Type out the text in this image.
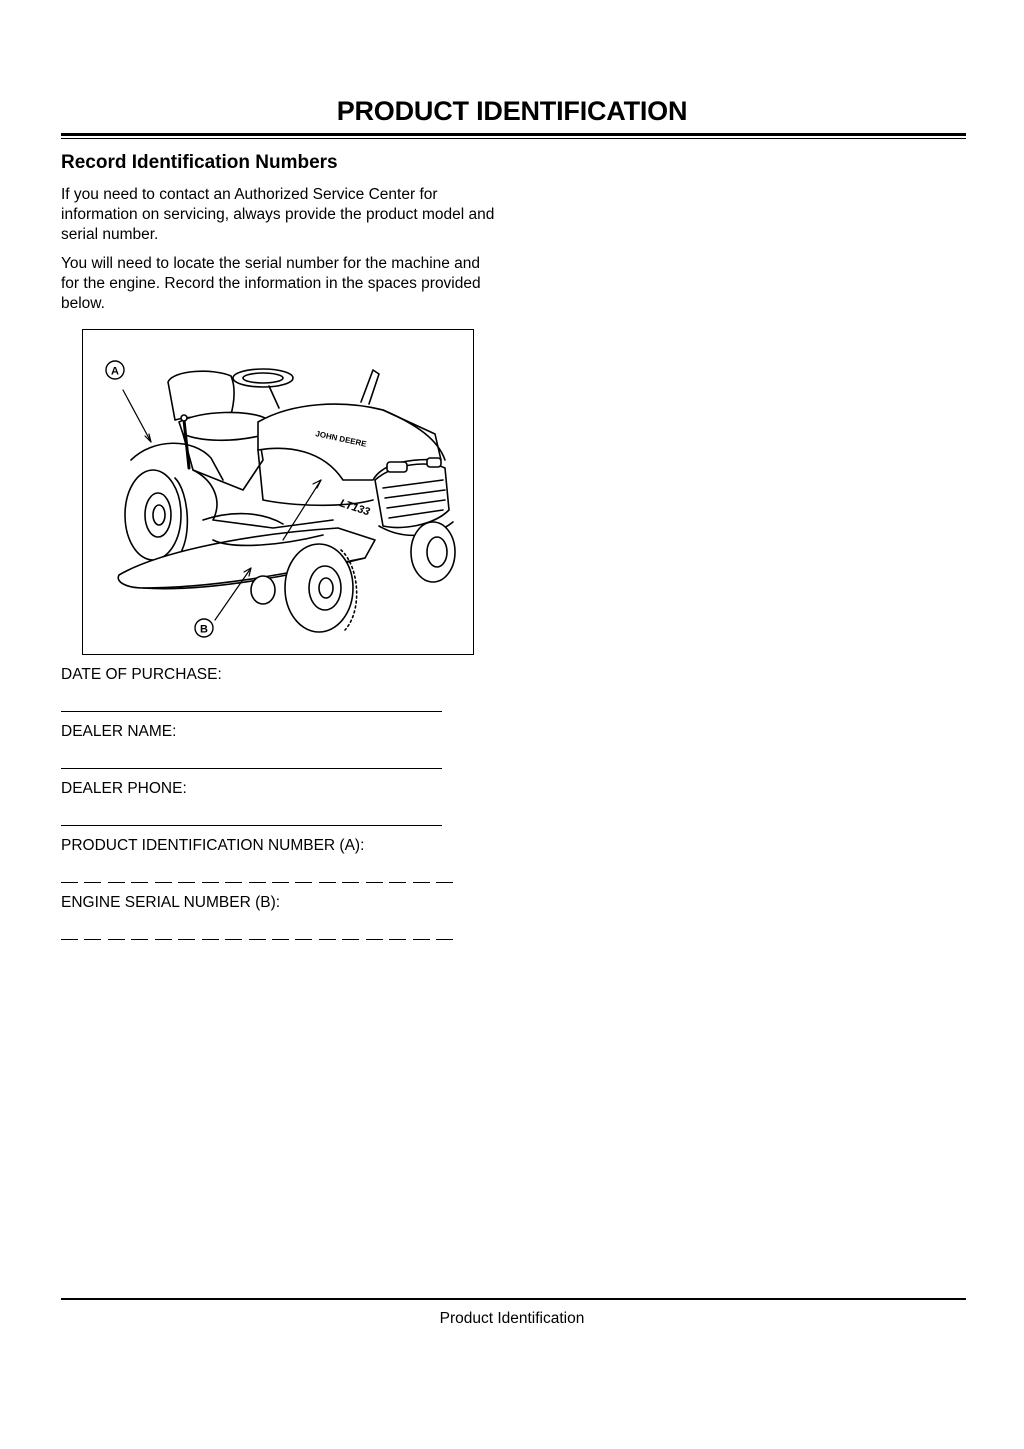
PRODUCT IDENTIFICATION
Record Identification Numbers

If you need to contact an Authorized Service Center for information on servicing, always provide the product model and serial number.

You will need to locate the serial number for the machine and for the engine. Record the information in the spaces provided below.

A
B
JOHN DEERE
LT133

DATE OF PURCHASE:

DEALER NAME:

DEALER PHONE:

PRODUCT IDENTIFICATION NUMBER (A):

ENGINE SERIAL NUMBER (B):

Product Identification
